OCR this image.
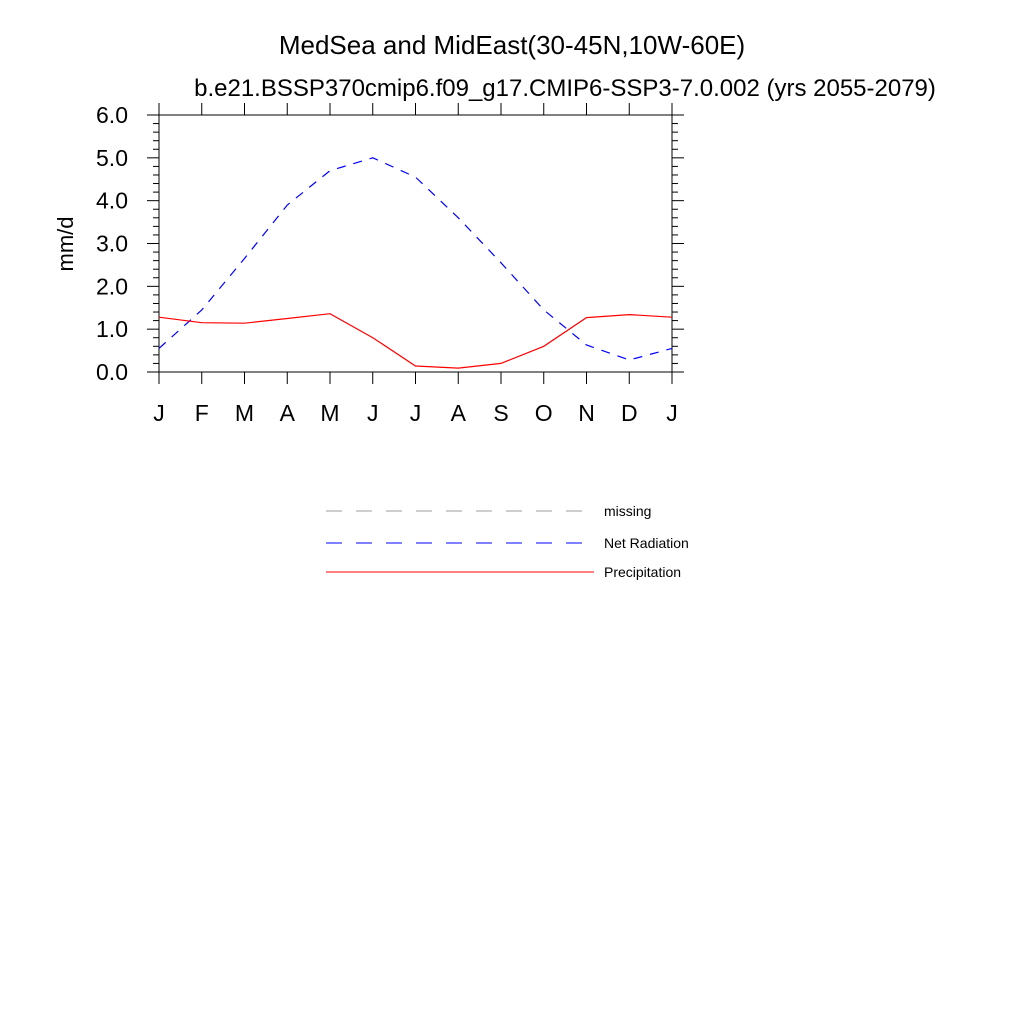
MedSea and MidEast(30-45N,10W-60E)
b.e21.BSSP370cmip6.f09_g17.CMIP6-SSP3-7.0.002 (yrs 2055-2079)
mm/d
J F M A M J J A S O N D J
0.0
1.0
2.0
3.0
4.0
5.0
6.0
missing
Net Radiation
Precipitation
